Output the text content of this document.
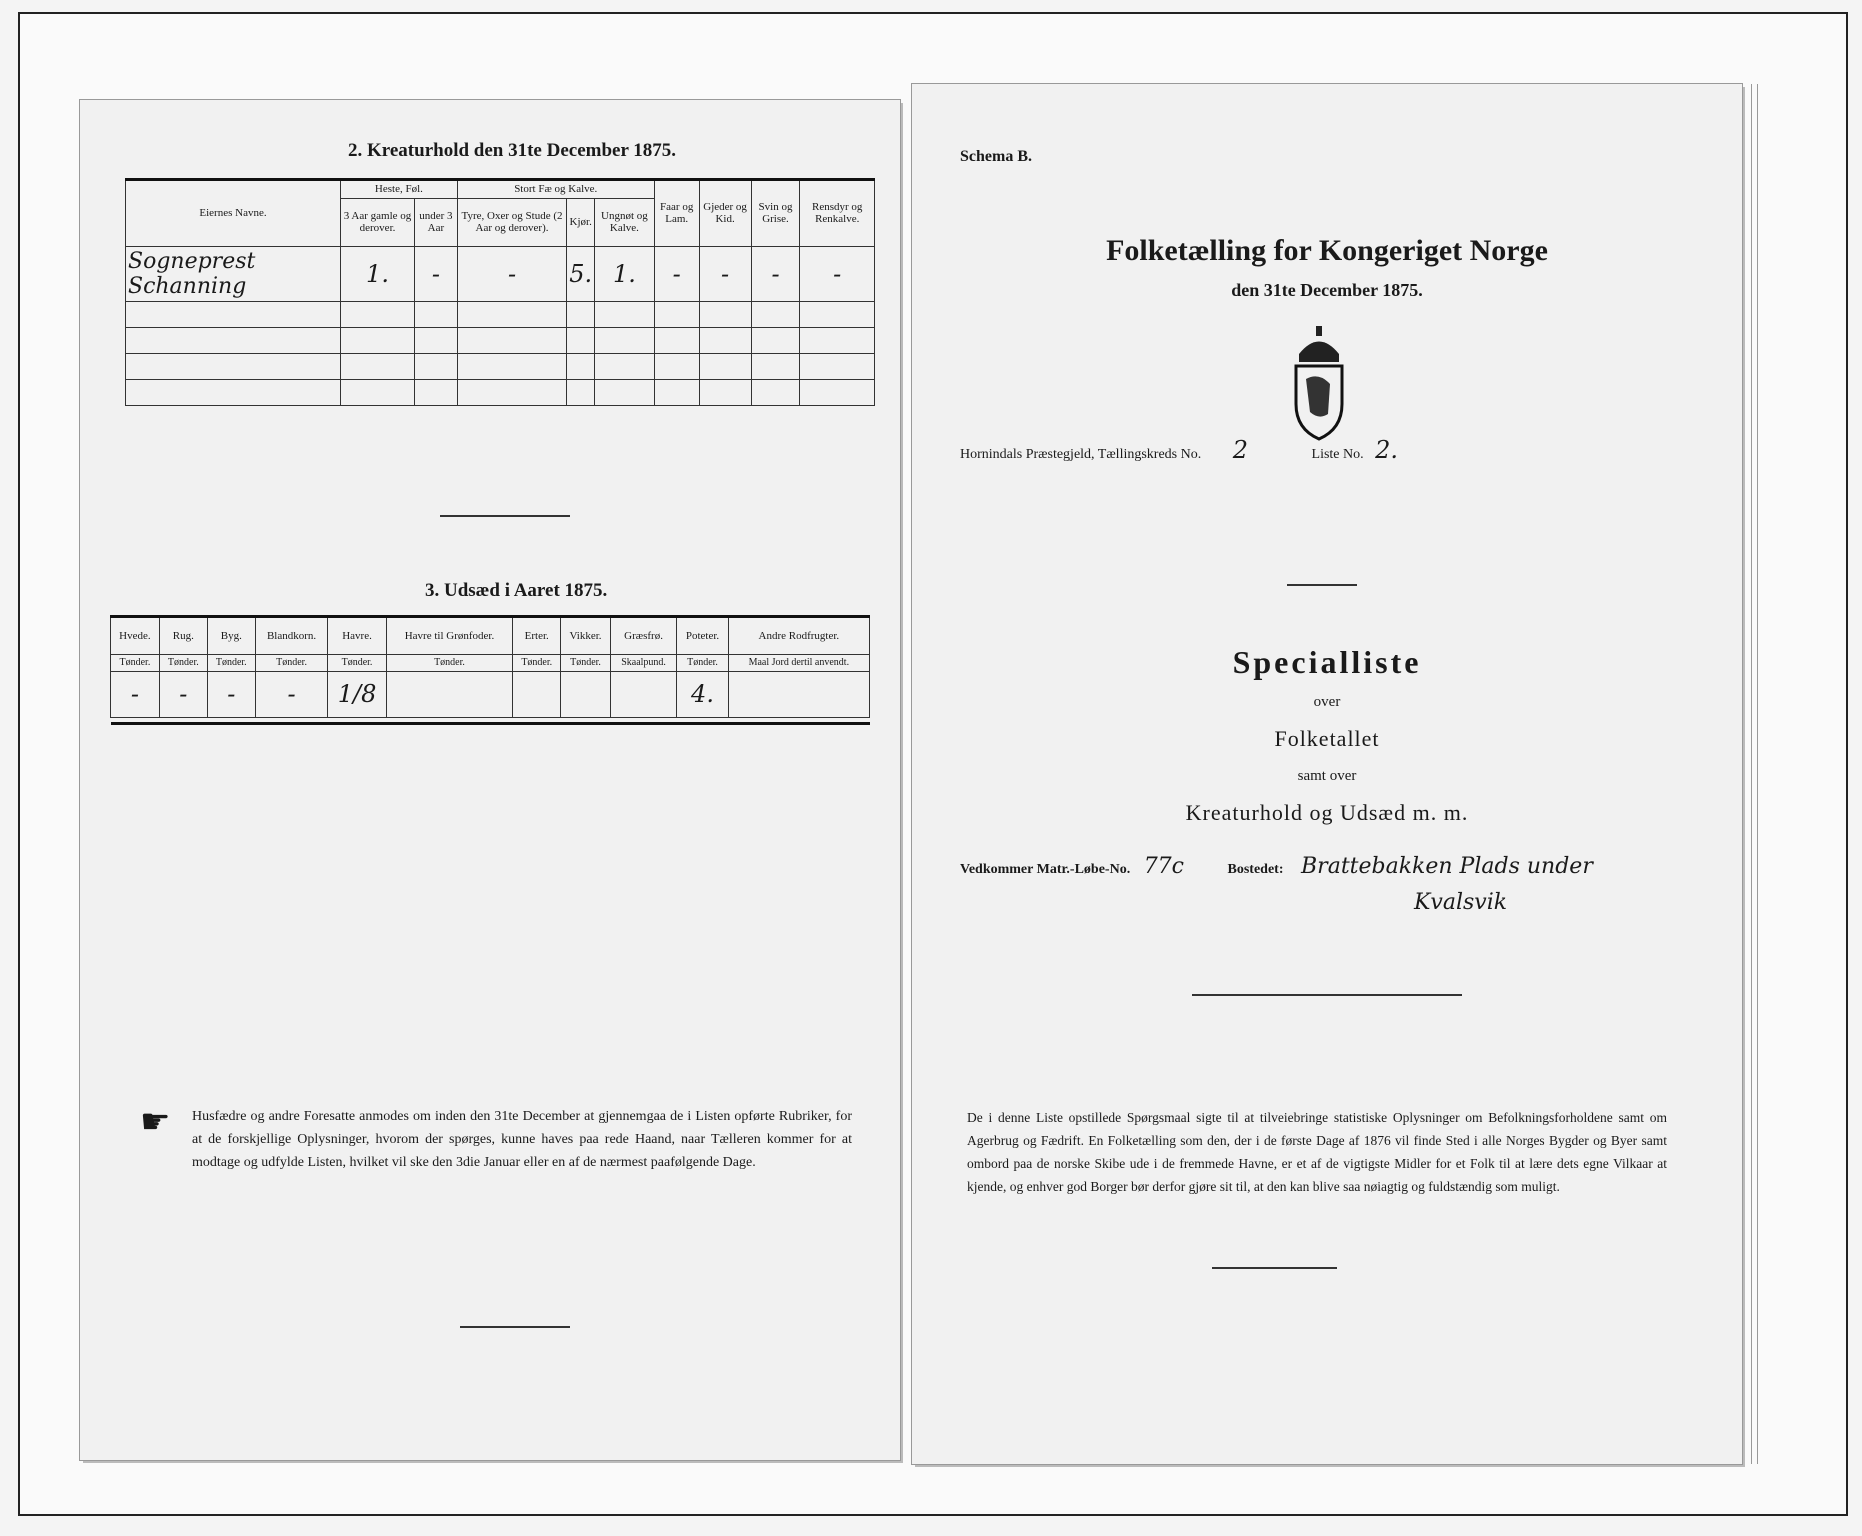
2. Kreaturhold den 31te December 1875.
Eiernes Navne.	Heste, Føl.		Stort Fæ og Kalve.			Faar og Lam.	Gjeder og Kid.	Svin og Grise.	Rensdyr og Renkalve.
	3 Aar gamle og derover.	under 3 Aar	Tyre, Oxer og Stude (2 Aar og derover).	Kjør.	Ungnøt og Kalve.				
Sogneprest Schanning	1.	-	-	5.	1.	-	-	-	-

3. Udsæd i Aaret 1875.
Hvede.	Rug.	Byg.	Blandkorn.	Havre.	Havre til Grønfoder.	Erter.	Vikker.	Græsfrø.	Poteter.	Andre Rodfrugter.
Tønder.	Tønder.	Tønder.	Tønder.	Tønder.	Tønder.	Tønder.	Tønder.	Skaalpund.	Tønder.	Maal Jord dertil anvendt.
-	-	-	-	1/8					4.	

☛ Husfædre og andre Foresatte anmodes om inden den 31te December at gjennemgaa de i Listen opførte Rubriker, for at de forskjellige Oplysninger, hvorom der spørges, kunne haves paa rede Haand, naar Tælleren kommer for at modtage og udfylde Listen, hvilket vil ske den 3die Januar eller en af de nærmest paafølgende Dage.
Schema B.
Folketælling for Kongeriget Norge
den 31te December 1875.
Hornindals Præstegjeld, Tællingskreds No. 2	Liste No. 2.
Specialliste
over
Folketallet
samt over
Kreaturhold og Udsæd m. m.
Vedkommer Matr.-Løbe-No. 77c	Bostedet: Brattebakken Plads under
Kvalsvik
De i denne Liste opstillede Spørgsmaal sigte til at tilveiebringe statistiske Oplysninger om Befolkningsforholdene samt om Agerbrug og Fædrift. En Folketælling som den, der i de første Dage af 1876 vil finde Sted i alle Norges Bygder og Byer samt ombord paa de norske Skibe ude i de fremmede Havne, er et af de vigtigste Midler for et Folk til at lære dets egne Vilkaar at kjende, og enhver god Borger bør derfor gjøre sit til, at den kan blive saa nøiagtig og fuldstændig som muligt.
